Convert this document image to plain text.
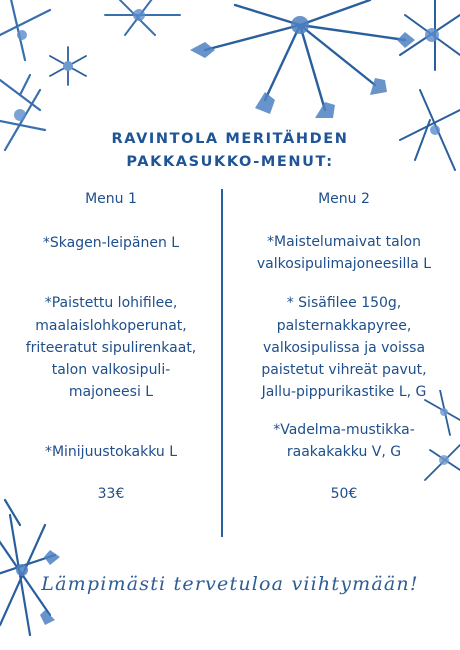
RAVINTOLA MERITÄHDEN
PAKKASUKKO-MENUT:
Menu 1
*Skagen-leipänen L
*Paistettu lohifilee,
maalaislohkoperunat,
friteeratut sipulirenkaat,
talon valkosipuli-
majoneesi L
*Minijuustokakku L
33€
Menu 2
*Maistelumaivat talon
valkosipulimajoneesilla L
* Sisäfilee 150g,
palsternakkapyree,
valkosipulissa ja voissa
paistetut vihreät pavut,
Jallu-pippurikastike L, G
*Vadelma-mustikka-
raakakakku V, G
50€
Lämpimästi tervetuloa viihtymään!
